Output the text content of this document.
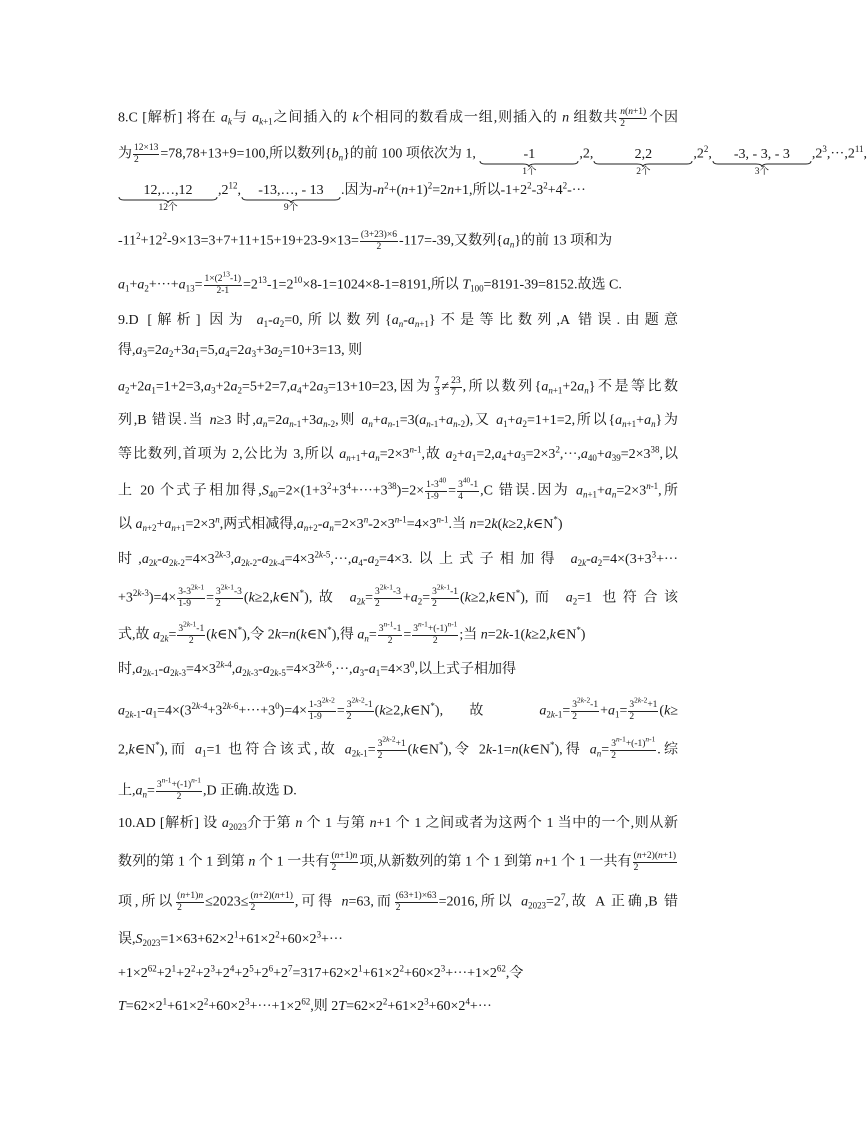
8.C [解析] 将在 $a_k$与 $a_{k+1}$之间插入的 k个相同的数看成一组,则插入的 n 组数共 $\frac{n(n+1)}{2}$ 个因
为 $\frac{12\times 13}{2} =78,78+13+9=100$,所以数列$\{b_n\}$的前 100 项依次为 1,	-1
1个
,2,	2,2
2个
$,2^2$, -3, - 3, - 3
3个
$,2^3,\cdot\cdot\cdot,2^{11}$,
12,…,12
12个
$,2^{12}$, -13,…, - 13
9个
.因为$-n^2+(n+1)^2=2n+1$,所以$-1+2^2-3^2+4^2-\cdot\cdot\cdot$
$-11^2+12^2-9\times 13=3+7+11+15+19+23-9\times 13= \frac{(3+23)\times 6}{2} -117=-39$,又数列$\{a_n\}$的前 13 项和为
$a_1+a_2+\cdot\cdot\cdot+a_{13}= \frac{1\times(2^{13}-1)}{2-1} =2^{13}-1=2^{10}\times 8-1=1024\times 8-1=8191$,所以 $T_{100}=8191-39=8152$.故选 C.
9.D [解析] 因为 $a_1-a_2=0$,所以数列$\{a_n-a_{n+1}\}$不是等比数列,A 错误.由题意
得$,a_3=2a_2+3a_1=5,a_4=2a_3+3a_2=10+3=13$, 则
$a_2+2a_1=1+2=3,a_3+2a_2=5+2=7,a_4+2a_3=13+10=23$,因为 $\frac{7}{3} \ne \frac{23}{7}$ ,所以数列$\{a_{n+1}+2a_n\}$不是等比数
列,B 错误.当 n≥3 时$,a_n=2a_{n-1}+3a_{n-2}$,则 $a_n+a_{n-1}=3(a_{n-1}+a_{n-2})$,又 $a_1+a_2=1+1=2$,所以$\{a_{n+1}+a_n\}$为
等比数列,首项为 2,公比为 3,所以 $a_{n+1}+a_n=2\times 3^{n-1}$,故 $a_2+a_1=2,a_4+a_3=2\times 3^2,\cdot\cdot\cdot,a_{40}+a_{39}=2\times 3^{38}$,以
上 20 个式子相加得$,S_{40}=2\times(1+3^2+3^4+\cdot\cdot\cdot+3^{38})=2\times \frac{1-3^{40}}{1-9} = \frac{3^{40}-1}{4} ,C$ 错误.因为 $a_{n+1}+a_n=2\times 3^{n-1}$,所
以 $a_{n+2}+a_{n+1}=2\times 3^n$,两式相减得$,a_{n+2}-a_n=2\times 3^n-2\times 3^{n-1}=4\times 3^{n-1}$.当 n=2k(k≥2,k∈N*)
时$,a_{2k}-a_{2k-2}=4\times 3^{2k-3},a_{2k-2}-a_{2k-4}=4\times 3^{2k-5},\cdot\cdot\cdot,a_4-a_2=4\times 3$.以上式子相加得 $a_{2k}-a_2=4\times(3+3^3+\cdot\cdot\cdot$
$+3^{2k-3})=4\times \frac{3-3^{2k-1}}{1-9} = \frac{3^{2k-1}-3}{2}$ (k≥2,k∈N*),故 $a_{2k}= \frac{3^{2k-1}-3}{2} +a_2= \frac{3^{2k-1}-1}{2}$ (k≥2,k∈N*),而 $a_2=1$ 也符合该
式,故 $a_{2k}= \frac{3^{2k-1}-1}{2}$ (k∈N*),令 2k=n(k∈N*),得 $a_n= \frac{3^{n-1}-1}{2} = \frac{3^{n-1}+(-1)^{n-1}}{2}$ ;当 n=2k-1(k≥2,k∈N*)
时$,a_{2k-1}-a_{2k-3}=4\times 3^{2k-4},a_{2k-3}-a_{2k-5}=4\times 3^{2k-6},\cdot\cdot\cdot,a_3-a_1=4\times 3^0$,以上式子相加得
$a_{2k-1}-a_1=4\times(3^{2k-4}+3^{2k-6}+\cdot\cdot\cdot+3^0)=4\times \frac{1-3^{2k-2}}{1-9} = \frac{3^{2k-2}-1}{2}$ (k≥2,k∈N*),故 $a_{2k-1}= \frac{3^{2k-2}-1}{2} +a_1= \frac{3^{2k-2}+1}{2} (k\ge$
2,k∈N*),而 $a_1=1$ 也符合该式,故 $a_{2k-1}= \frac{3^{2k-2}+1}{2}$ (k∈N*),令 2k-1=n(k∈N*),得 $a_n= \frac{3^{n-1}+(-1)^{n-1}}{2}$ .综
上$,a_n= \frac{3^{n-1}+(-1)^{n-1}}{2} ,D$ 正确.故选 D.
10.AD [解析] 设 $a_{2023}$介于第 n 个 1 与第 n+1 个 1 之间或者为这两个 1 当中的一个,则从新
数列的第 1 个 1 到第 n 个 1 一共有 $\frac{(n+1)n}{2}$ 项,从新数列的第 1 个 1 到第 n+1 个 1 一共有 $\frac{(n+2)(n+1)}{2}$
项,所以 $\frac{(n+1)n}{2} \le 2023\le \frac{(n+2)(n+1)}{2}$ ,可得 n=63,而 $\frac{(63+1)\times 63}{2} =2016$,所以 $a_{2023}=2^7$,故 A 正确,B 错
误$,S_{2023}=1\times 63+62\times 2^1+61\times 2^2+60\times 2^3+\cdot\cdot\cdot$
$+1\times 2^{62}+2^1+2^2+2^3+2^4+2^5+2^6+2^7=317+62\times 2^1+61\times 2^2+60\times 2^3+\cdot\cdot\cdot+1\times 2^{62}$,令
$T=62\times 2^1+61\times 2^2+60\times 2^3+\cdot\cdot\cdot+1\times 2^{62}$,则 $2T=62\times 2^2+61\times 2^3+60\times 2^4+\cdot\cdot\cdot$
